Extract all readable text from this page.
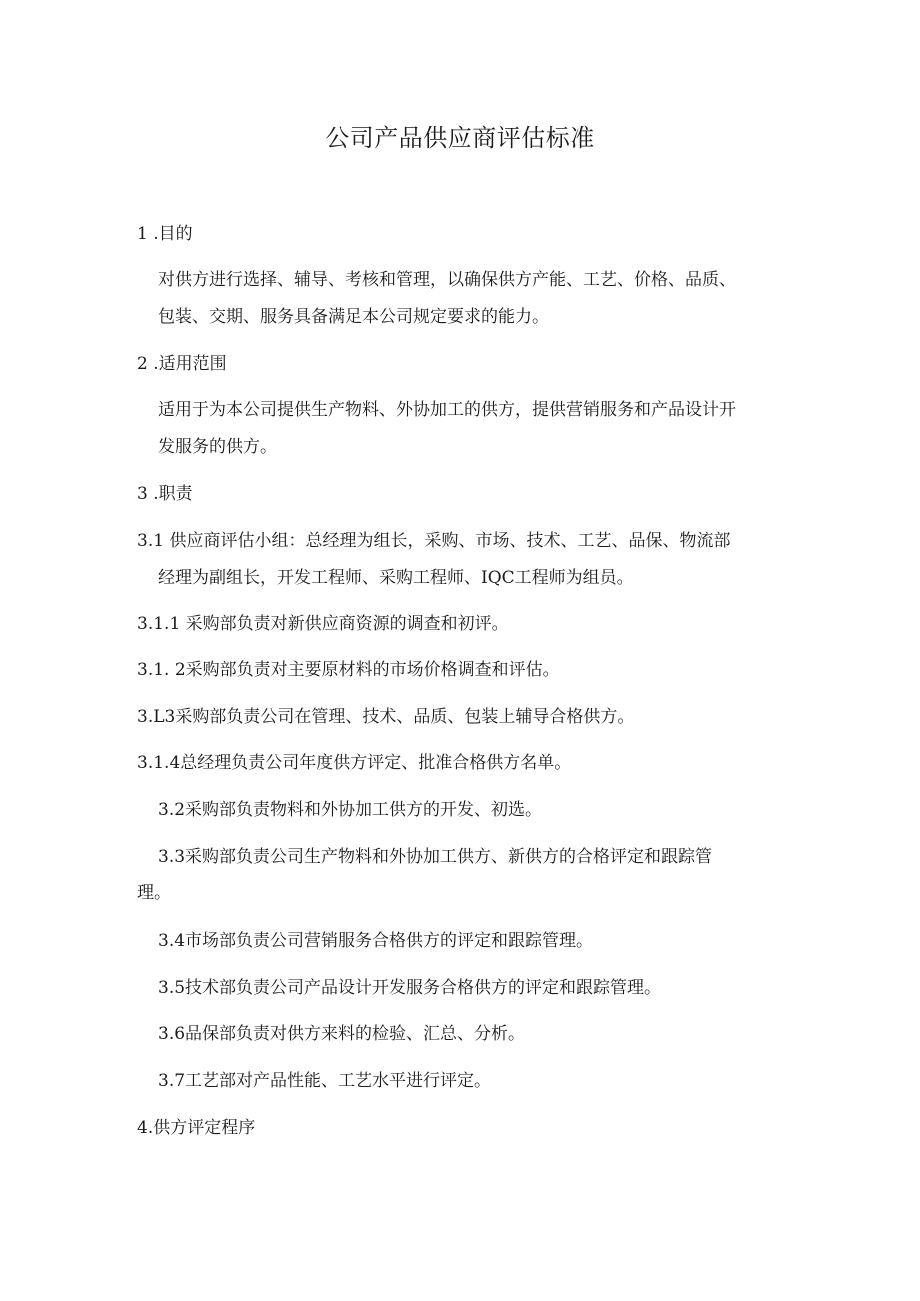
公司产品供应商评估标准
1 .目的
对供方进行选择、辅导、考核和管理，以确保供方产能、工艺、价格、品质、
包装、交期、服务具备满足本公司规定要求的能力。
2 .适用范围
适用于为本公司提供生产物料、外协加工的供方，提供营销服务和产品设计开
发服务的供方。
3 .职责
3.1 供应商评估小组：总经理为组长，采购、市场、技术、工艺、品保、物流部
经理为副组长，开发工程师、采购工程师、IQC工程师为组员。
3.1.1 采购部负责对新供应商资源的调查和初评。
3.1. 2采购部负责对主要原材料的市场价格调查和评估。
3.L3采购部负责公司在管理、技术、品质、包装上辅导合格供方。
3.1.4总经理负责公司年度供方评定、批准合格供方名单。
3.2采购部负责物料和外协加工供方的开发、初选。
3.3采购部负责公司生产物料和外协加工供方、新供方的合格评定和跟踪管
理。
3.4市场部负责公司营销服务合格供方的评定和跟踪管理。
3.5技术部负责公司产品设计开发服务合格供方的评定和跟踪管理。
3.6品保部负责对供方来料的检验、汇总、分析。
3.7工艺部对产品性能、工艺水平进行评定。
4.供方评定程序
